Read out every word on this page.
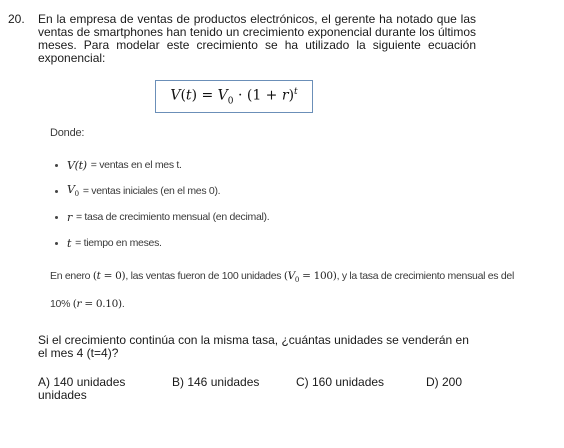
20. En la empresa de ventas de productos electrónicos, el gerente ha notado que las ventas de smartphones han tenido un crecimiento exponencial durante los últimos meses. Para modelar este crecimiento se ha utilizado la siguiente ecuación exponencial:
$V(t) = V_0 \cdot (1 + r)^t$
Donde:
V(t) = ventas en el mes t.
$V_0$ = ventas iniciales (en el mes 0).
r = tasa de crecimiento mensual (en decimal).
t = tiempo en meses.
En enero (t = 0), las ventas fueron de 100 unidades $(V_0 = 100)$, y la tasa de crecimiento mensual es del
10% (r = 0.10).
Si el crecimiento continúa con la misma tasa, ¿cuántas unidades se venderán en el mes 4 (t=4)?
A) 140 unidades unidades
B) 146 unidades	C) 160 unidades	D) 200
